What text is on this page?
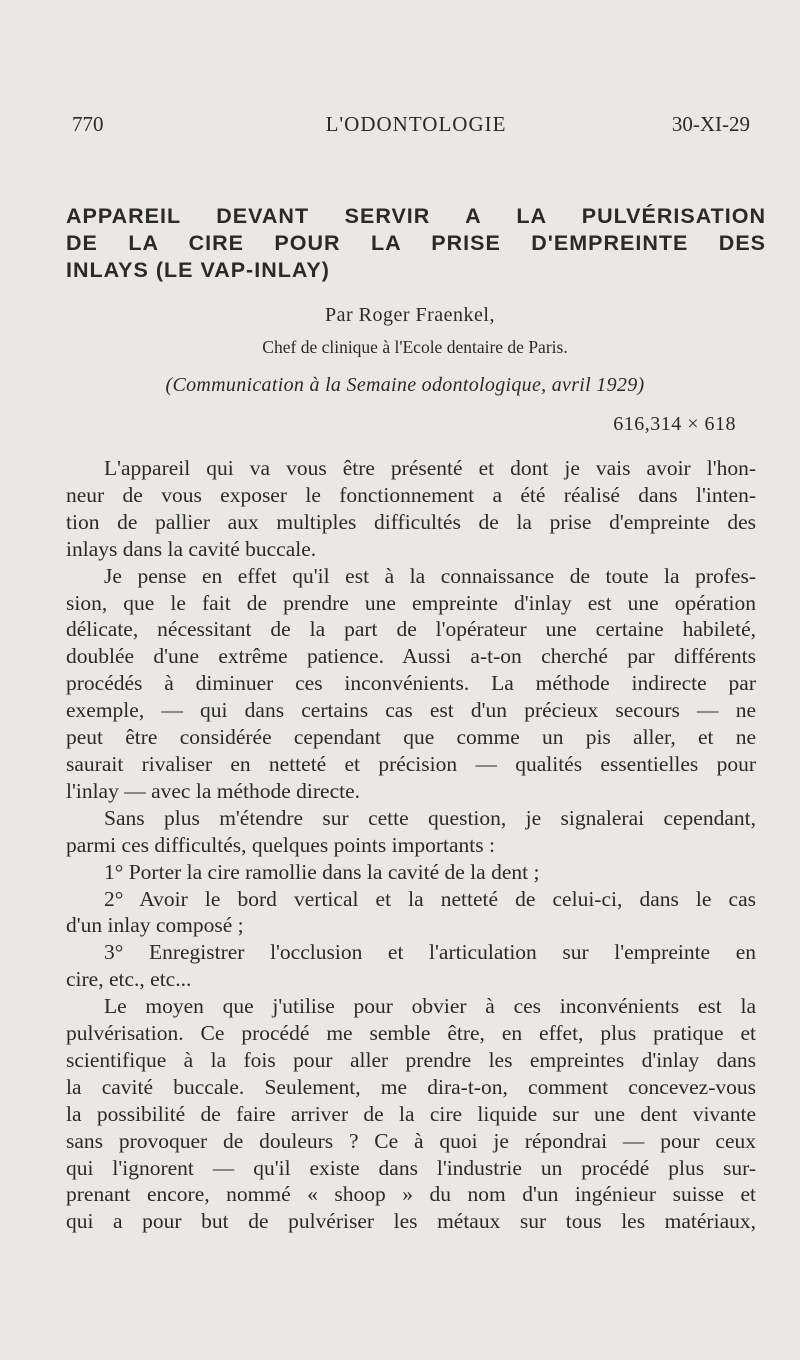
770	L'ODONTOLOGIE	30-XI-29
APPAREIL DEVANT SERVIR A LA PULVÉRISATION
DE LA CIRE POUR LA PRISE D'EMPREINTE DES
INLAYS (LE VAP-INLAY)
Par Roger Fraenkel,
Chef de clinique à l'Ecole dentaire de Paris.
(Communication à la Semaine odontologique, avril 1929)
616,314 × 618

L'appareil qui va vous être présenté et dont je vais avoir l'hon-
neur de vous exposer le fonctionnement a été réalisé dans l'inten-
tion de pallier aux multiples difficultés de la prise d'empreinte des
inlays dans la cavité buccale.

Je pense en effet qu'il est à la connaissance de toute la profes-
sion, que le fait de prendre une empreinte d'inlay est une opération
délicate, nécessitant de la part de l'opérateur une certaine habileté,
doublée d'une extrême patience. Aussi a-t-on cherché par différents
procédés à diminuer ces inconvénients. La méthode indirecte par
exemple, — qui dans certains cas est d'un précieux secours — ne
peut être considérée cependant que comme un pis aller, et ne
saurait rivaliser en netteté et précision — qualités essentielles pour
l'inlay — avec la méthode directe.

Sans plus m'étendre sur cette question, je signalerai cependant,
parmi ces difficultés, quelques points importants :

1° Porter la cire ramollie dans la cavité de la dent ;

2° Avoir le bord vertical et la netteté de celui-ci, dans le cas
d'un inlay composé ;

3° Enregistrer l'occlusion et l'articulation sur l'empreinte en
cire, etc., etc...

Le moyen que j'utilise pour obvier à ces inconvénients est la
pulvérisation. Ce procédé me semble être, en effet, plus pratique et
scientifique à la fois pour aller prendre les empreintes d'inlay dans
la cavité buccale. Seulement, me dira-t-on, comment concevez-vous
la possibilité de faire arriver de la cire liquide sur une dent vivante
sans provoquer de douleurs ? Ce à quoi je répondrai — pour ceux
qui l'ignorent — qu'il existe dans l'industrie un procédé plus sur-
prenant encore, nommé « shoop » du nom d'un ingénieur suisse et
qui a pour but de pulvériser les métaux sur tous les matériaux,
